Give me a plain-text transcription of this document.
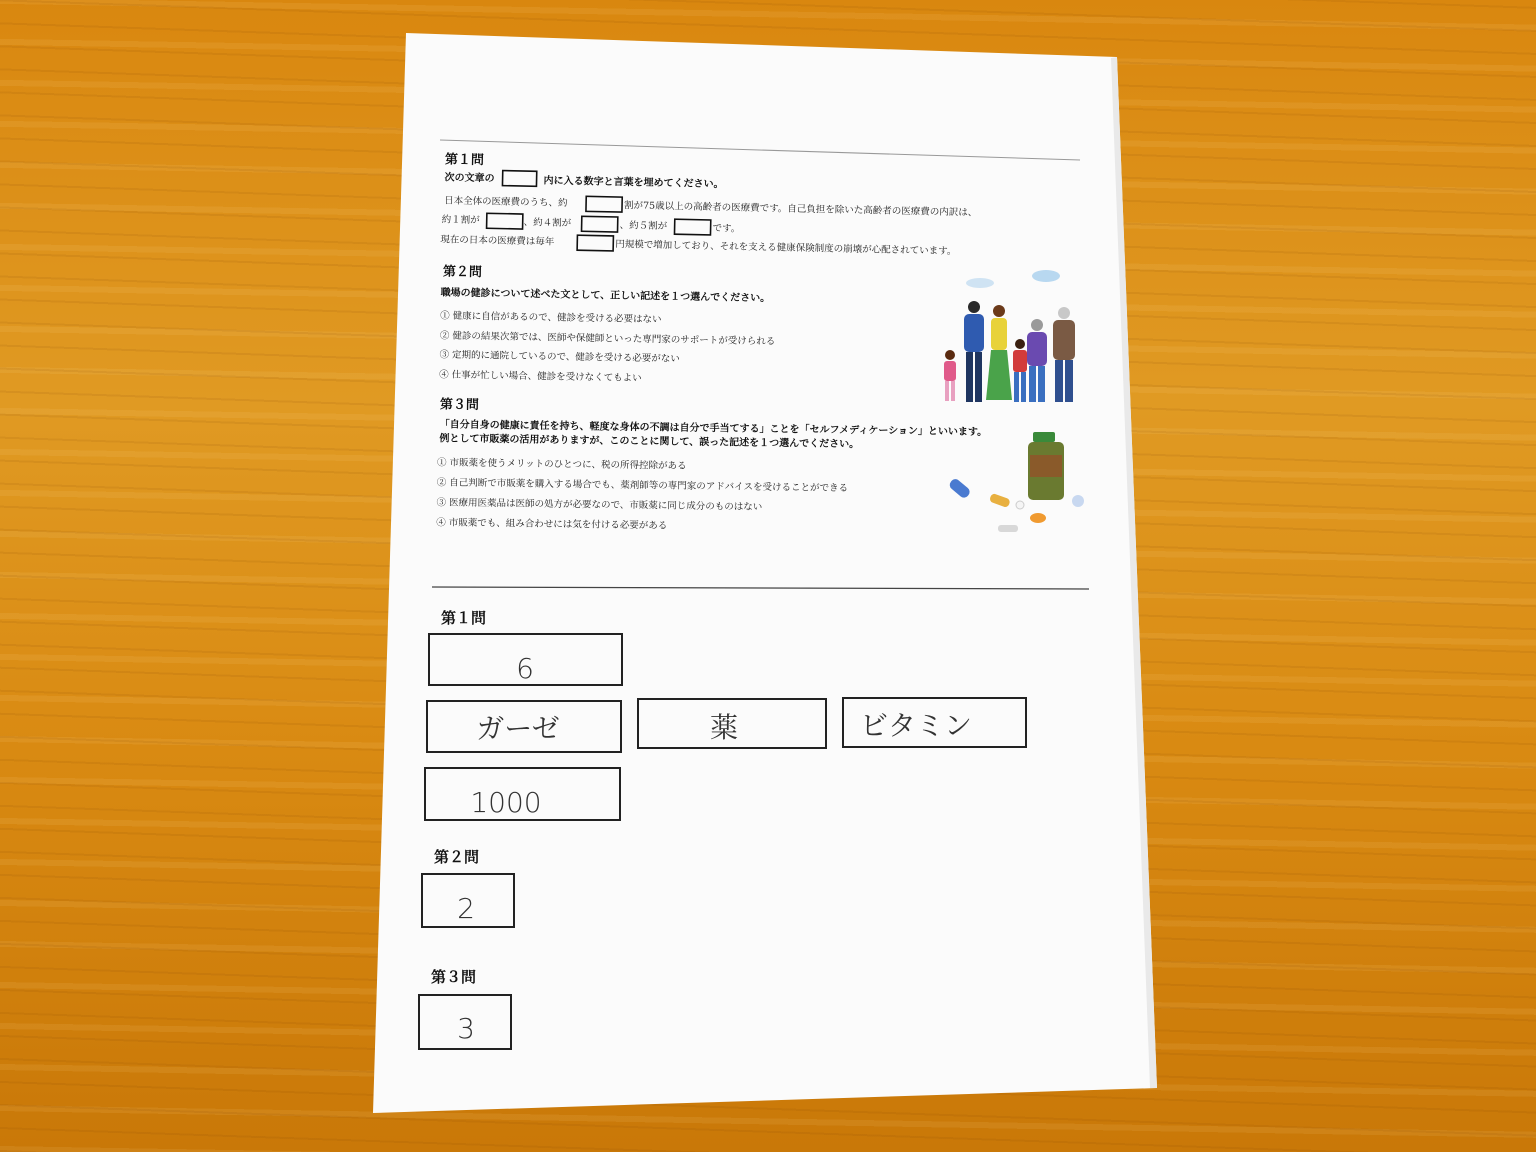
第１問
次の文章の	内に入る数字と言葉を埋めてください。
日本全体の医療費のうち、約	割が75歳以上の高齢者の医療費です。自己負担を除いた高齢者の医療費の内訳は、
約１割が	、約４割が	、約５割が	です。
現在の日本の医療費は毎年	円規模で増加しており、それを支える健康保険制度の崩壊が心配されています。
第２問
職場の健診について述べた文として、正しい記述を１つ選んでください。
① 健康に自信があるので、健診を受ける必要はない
② 健診の結果次第では、医師や保健師といった専門家のサポートが受けられる
③ 定期的に通院しているので、健診を受ける必要がない
④ 仕事が忙しい場合、健診を受けなくてもよい
第３問
「自分自身の健康に責任を持ち、軽度な身体の不調は自分で手当てする」ことを「セルフメディケーション」といいます。
例として市販薬の活用がありますが、このことに関して、誤った記述を１つ選んでください。
① 市販薬を使うメリットのひとつに、税の所得控除がある
② 自己判断で市販薬を購入する場合でも、薬剤師等の専門家のアドバイスを受けることができる
③ 医療用医薬品は医師の処方が必要なので、市販薬に同じ成分のものはない
④ 市販薬でも、組み合わせには気を付ける必要がある
第１問
6
ガーゼ	薬	ビタミン
1000
第２問
2
第３問
3
